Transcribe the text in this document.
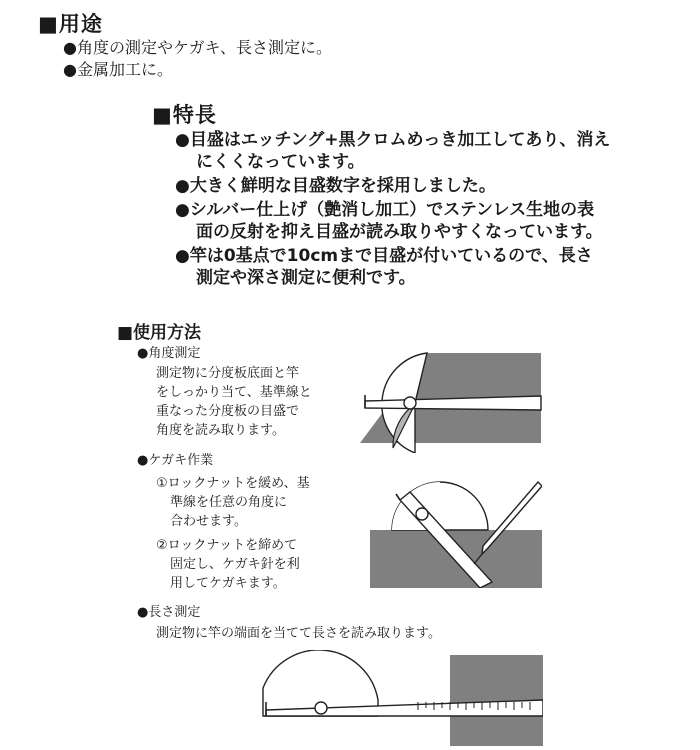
■用途
●角度の測定やケガキ、長さ測定に。
●金属加工に。
■特長
●目盛はエッチング+黒クロムめっき加工してあり、消え
にくくなっています。
●大きく鮮明な目盛数字を採用しました。
●シルバー仕上げ（艶消し加工）でステンレス生地の表
面の反射を抑え目盛が読み取りやすくなっています。
●竿は0基点で10cmまで目盛が付いているので、長さ
測定や深さ測定に便利です。
■使用方法
●角度測定
測定物に分度板底面と竿
をしっかり当て、基準線と
重なった分度板の目盛で
角度を読み取ります。
●ケガキ作業
①ロックナットを緩め、基
準線を任意の角度に
合わせます。
②ロックナットを締めて
固定し、ケガキ針を利
用してケガキます。
●長さ測定
測定物に竿の端面を当てて長さを読み取ります。
